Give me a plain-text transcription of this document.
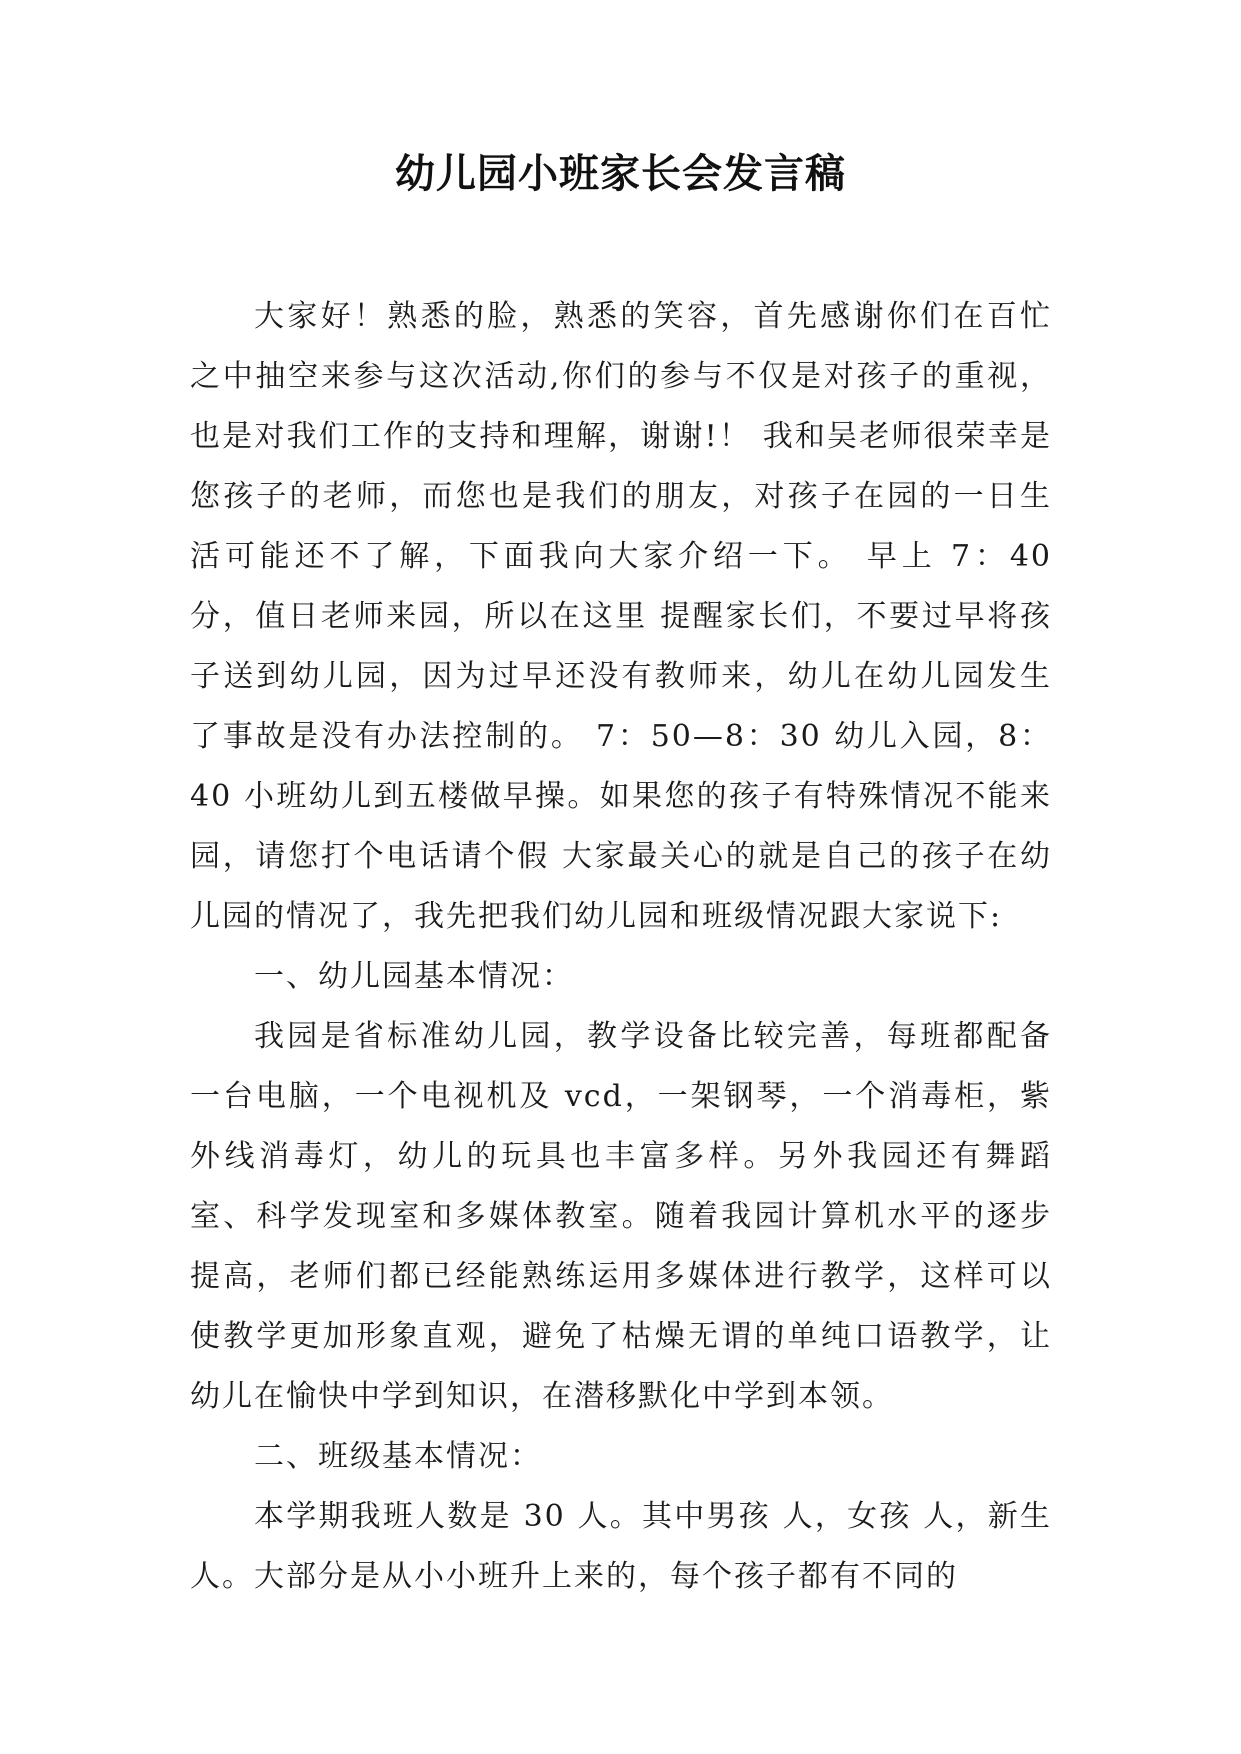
幼儿园小班家长会发言稿

大家好！熟悉的脸，熟悉的笑容，首先感谢你们在百忙之中抽空来参与这次活动,你们的参与不仅是对孩子的重视，也是对我们工作的支持和理解，谢谢!！ 我和吴老师很荣幸是您孩子的老师，而您也是我们的朋友，对孩子在园的一日生活可能还不了解，下面我向大家介绍一下。 早上 7：40 分，值日老师来园，所以在这里 提醒家长们，不要过早将孩子送到幼儿园，因为过早还没有教师来，幼儿在幼儿园发生了事故是没有办法控制的。 7：50—8：30 幼儿入园，8：40 小班幼儿到五楼做早操。如果您的孩子有特殊情况不能来园，请您打个电话请个假 大家最关心的就是自己的孩子在幼儿园的情况了，我先把我们幼儿园和班级情况跟大家说下:

一、幼儿园基本情况：

我园是省标准幼儿园，教学设备比较完善，每班都配备一台电脑，一个电视机及 vcd，一架钢琴，一个消毒柜，紫外线消毒灯，幼儿的玩具也丰富多样。另外我园还有舞蹈室、科学发现室和多媒体教室。随着我园计算机水平的逐步提高，老师们都已经能熟练运用多媒体进行教学，这样可以使教学更加形象直观，避免了枯燥无谓的单纯口语教学，让幼儿在愉快中学到知识，在潜移默化中学到本领。

二、班级基本情况：

本学期我班人数是 30 人。其中男孩 人，女孩 人，新生 人。大部分是从小小班升上来的，每个孩子都有不同的
